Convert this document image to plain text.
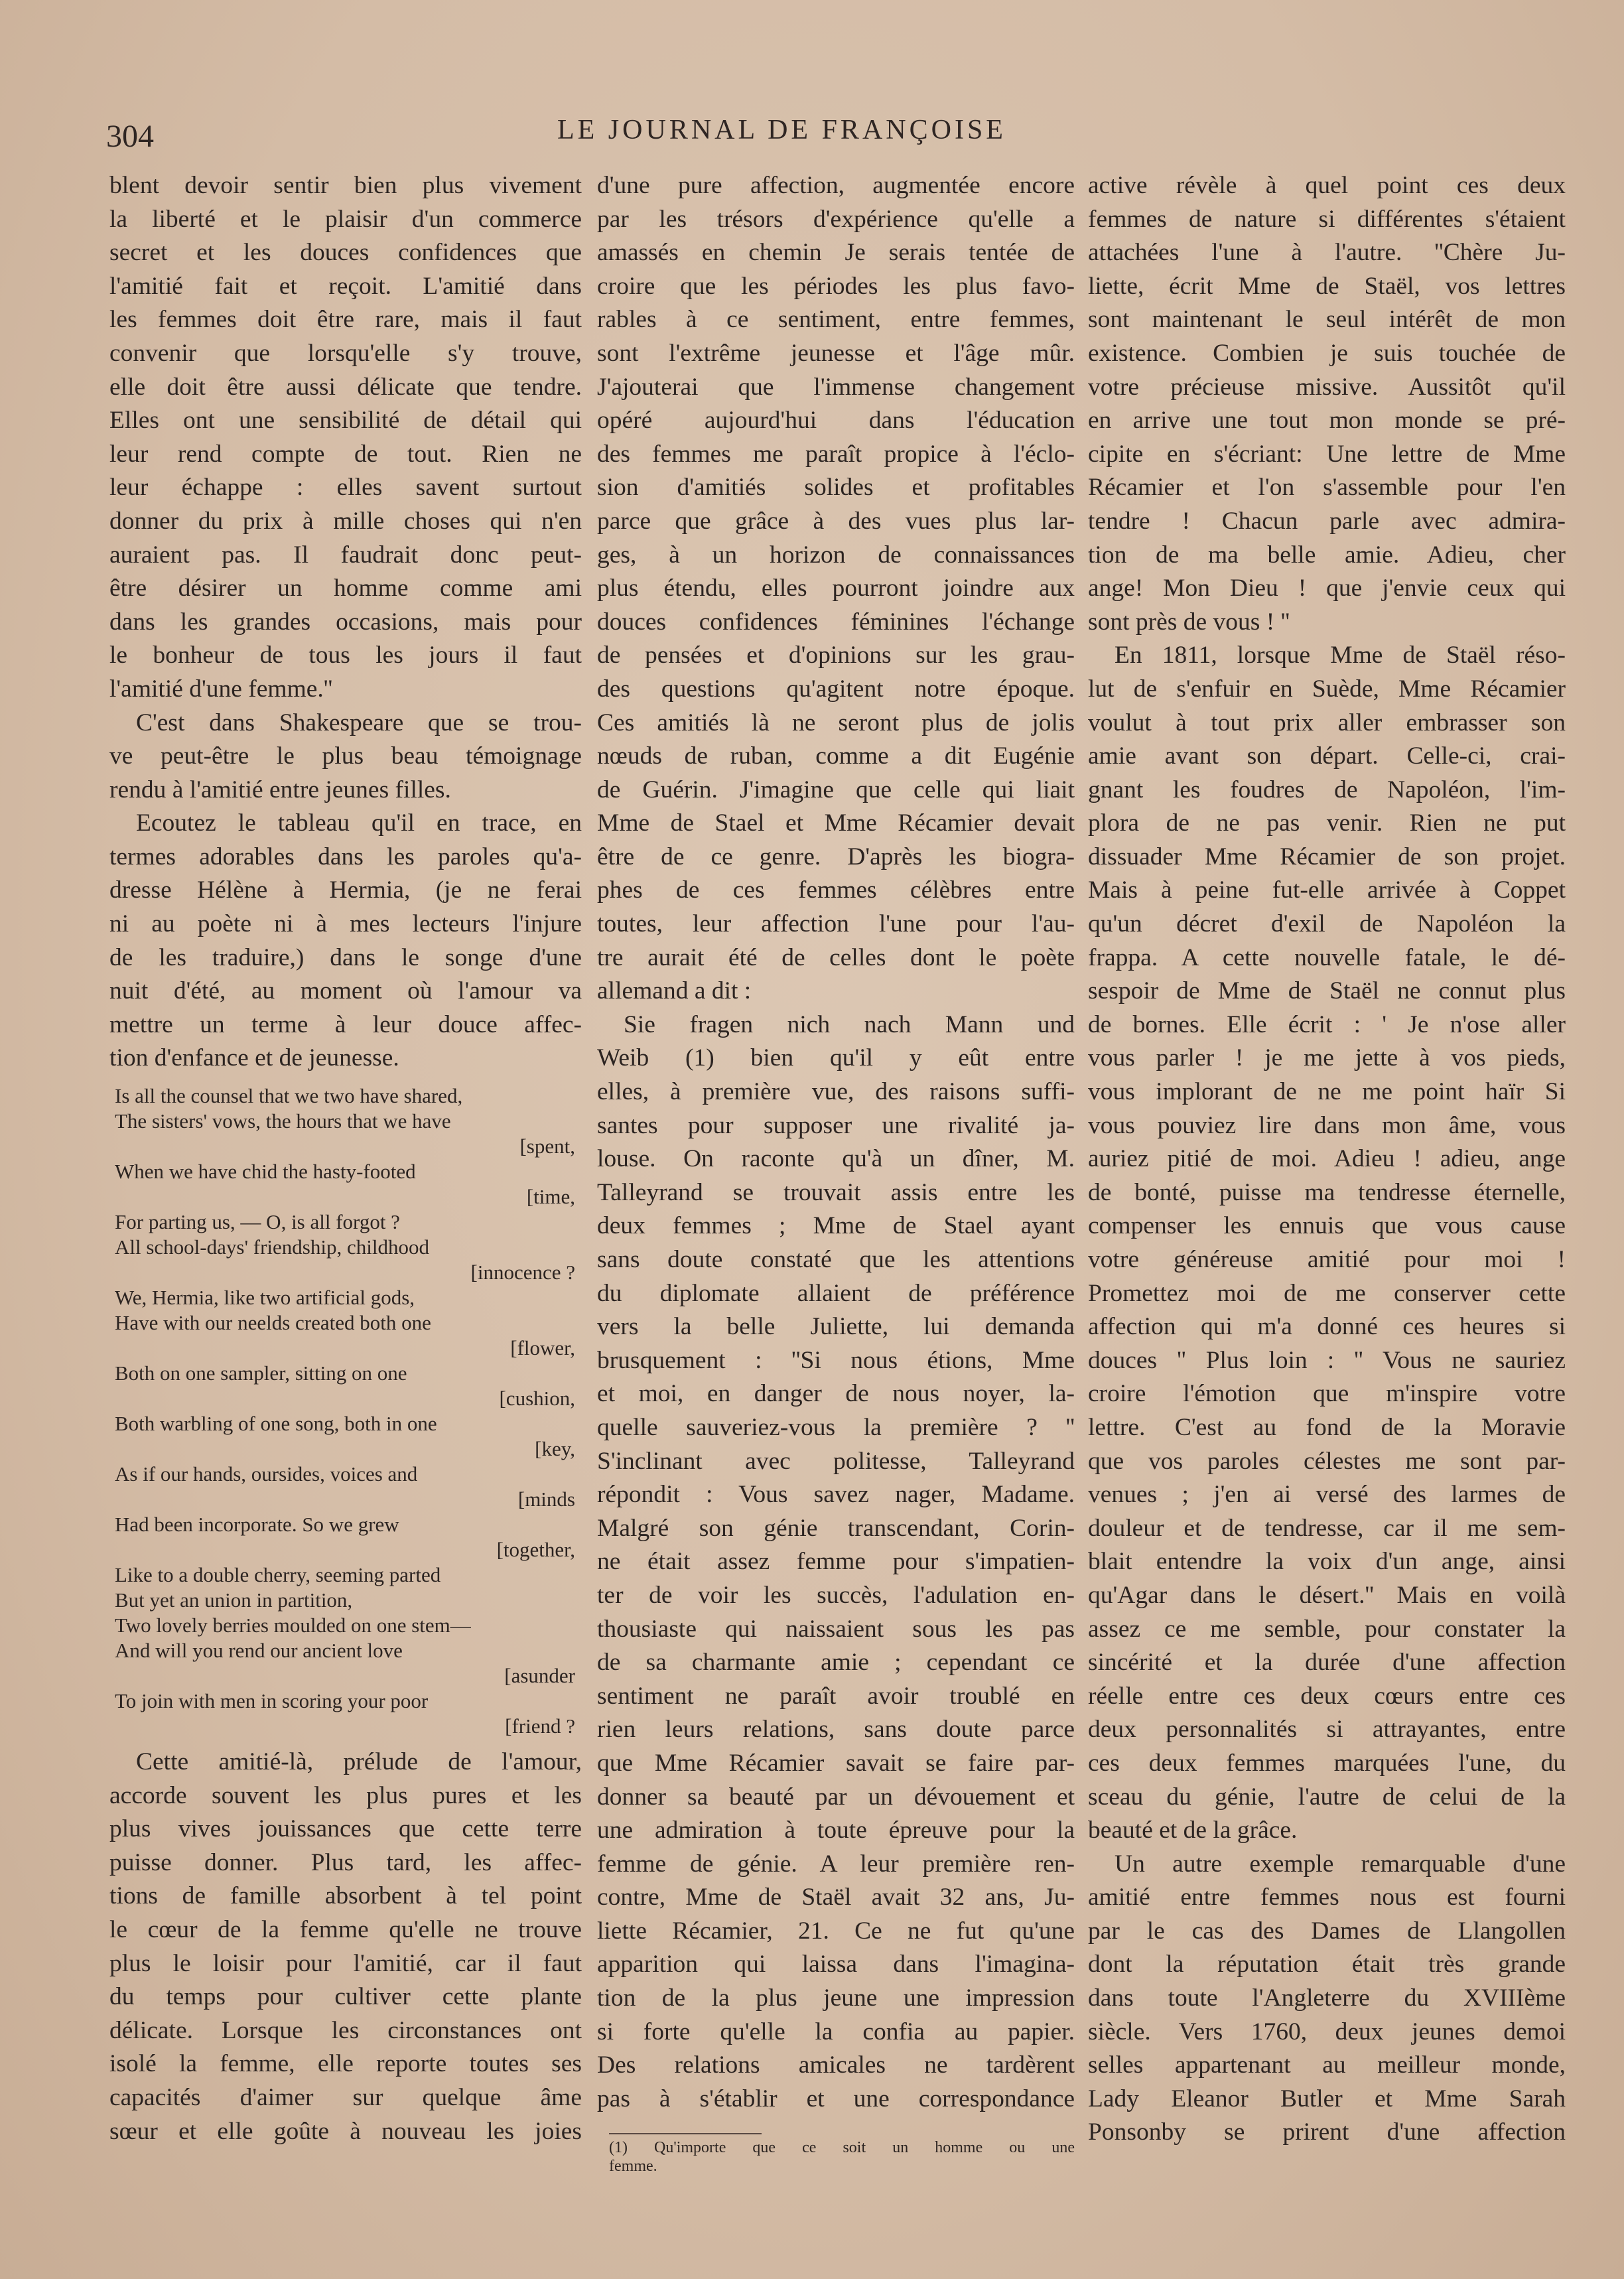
304	LE JOURNAL DE FRANÇOISE
blent devoir sentir bien plus vivement
la liberté et le plaisir d'un commerce
secret et les douces confidences que
l'amitié fait et reçoit. L'amitié dans
les femmes doit être rare, mais il faut
convenir que lorsqu'elle s'y trouve,
elle doit être aussi délicate que tendre.
Elles ont une sensibilité de détail qui
leur rend compte de tout. Rien ne
leur échappe : elles savent surtout
donner du prix à mille choses qui n'en
auraient pas. Il faudrait donc peut-
être désirer un homme comme ami
dans les grandes occasions, mais pour
le bonheur de tous les jours il faut
l'amitié d'une femme.''
C'est dans Shakespeare que se trou-
ve peut-être le plus beau témoignage
rendu à l'amitié entre jeunes filles.
Ecoutez le tableau qu'il en trace, en
termes adorables dans les paroles qu'a-
dresse Hélène à Hermia, (je ne ferai
ni au poète ni à mes lecteurs l'injure
de les traduire,) dans le songe d'une
nuit d'été, au moment où l'amour va
mettre un terme à leur douce affec-
tion d'enfance et de jeunesse.
Is all the counsel that we two have shared,
The sisters' vows, the hours that we have
[spent,
When we have chid the hasty-footed
[time,
For parting us, — O, is all forgot ?
All school-days' friendship, childhood
[innocence ?
We, Hermia, like two artificial gods,
Have with our neelds created both one
[flower,
Both on one sampler, sitting on one
[cushion,
Both warbling of one song, both in one
[key,
As if our hands, oursides, voices and
[minds
Had been incorporate. So we grew
[together,
Like to a double cherry, seeming parted
But yet an union in partition,
Two lovely berries moulded on one stem—
And will you rend our ancient love
[asunder
To join with men in scoring your poor
[friend ?
Cette amitié-là, prélude de l'amour,
accorde souvent les plus pures et les
plus vives jouissances que cette terre
puisse donner. Plus tard, les affec-
tions de famille absorbent à tel point
le cœur de la femme qu'elle ne trouve
plus le loisir pour l'amitié, car il faut
du temps pour cultiver cette plante
délicate. Lorsque les circonstances ont
isolé la femme, elle reporte toutes ses
capacités d'aimer sur quelque âme
sœur et elle goûte à nouveau les joies
d'une pure affection, augmentée encore
par les trésors d'expérience qu'elle a
amassés en chemin Je serais tentée de
croire que les périodes les plus favo-
rables à ce sentiment, entre femmes,
sont l'extrême jeunesse et l'âge mûr.
J'ajouterai que l'immense changement
opéré aujourd'hui dans l'éducation
des femmes me paraît propice à l'éclo-
sion d'amitiés solides et profitables
parce que grâce à des vues plus lar-
ges, à un horizon de connaissances
plus étendu, elles pourront joindre aux
douces confidences féminines l'échange
de pensées et d'opinions sur les grau-
des questions qu'agitent notre époque.
Ces amitiés là ne seront plus de jolis
nœuds de ruban, comme a dit Eugénie
de Guérin. J'imagine que celle qui liait
Mme de Stael et Mme Récamier devait
être de ce genre. D'après les biogra-
phes de ces femmes célèbres entre
toutes, leur affection l'une pour l'au-
tre aurait été de celles dont le poète
allemand a dit :
Sie fragen nich nach Mann und
Weib (1) bien qu'il y eût entre
elles, à première vue, des raisons suffi-
santes pour supposer une rivalité ja-
louse. On raconte qu'à un dîner, M.
Talleyrand se trouvait assis entre les
deux femmes ; Mme de Stael ayant
sans doute constaté que les attentions
du diplomate allaient de préférence
vers la belle Juliette, lui demanda
brusquement : ''Si nous étions, Mme
et moi, en danger de nous noyer, la-
quelle sauveriez-vous la première ? ''
S'inclinant avec politesse, Talleyrand
répondit : Vous savez nager, Madame.
Malgré son génie transcendant, Corin-
ne était assez femme pour s'impatien-
ter de voir les succès, l'adulation en-
thousiaste qui naissaient sous les pas
de sa charmante amie ; cependant ce
sentiment ne paraît avoir troublé en
rien leurs relations, sans doute parce
que Mme Récamier savait se faire par-
donner sa beauté par un dévouement et
une admiration à toute épreuve pour la
femme de génie. A leur première ren-
contre, Mme de Staël avait 32 ans, Ju-
liette Récamier, 21. Ce ne fut qu'une
apparition qui laissa dans l'imagina-
tion de la plus jeune une impression
si forte qu'elle la confia au papier.
Des relations amicales ne tardèrent
pas à s'établir et une correspondance
(1) Qu'importe que ce soit un homme ou une
femme.
active révèle à quel point ces deux
femmes de nature si différentes s'étaient
attachées l'une à l'autre. ''Chère Ju-
liette, écrit Mme de Staël, vos lettres
sont maintenant le seul intérêt de mon
existence. Combien je suis touchée de
votre précieuse missive. Aussitôt qu'il
en arrive une tout mon monde se pré-
cipite en s'écriant: Une lettre de Mme
Récamier et l'on s'assemble pour l'en
tendre ! Chacun parle avec admira-
tion de ma belle amie. Adieu, cher
ange! Mon Dieu ! que j'envie ceux qui
sont près de vous ! ''
En 1811, lorsque Mme de Staël réso-
lut de s'enfuir en Suède, Mme Récamier
voulut à tout prix aller embrasser son
amie avant son départ. Celle-ci, crai-
gnant les foudres de Napoléon, l'im-
plora de ne pas venir. Rien ne put
dissuader Mme Récamier de son projet.
Mais à peine fut-elle arrivée à Coppet
qu'un décret d'exil de Napoléon la
frappa. A cette nouvelle fatale, le dé-
sespoir de Mme de Staël ne connut plus
de bornes. Elle écrit : ' Je n'ose aller
vous parler ! je me jette à vos pieds,
vous implorant de ne me point haïr Si
vous pouviez lire dans mon âme, vous
auriez pitié de moi. Adieu ! adieu, ange
de bonté, puisse ma tendresse éternelle,
compenser les ennuis que vous cause
votre généreuse amitié pour moi !
Promettez moi de me conserver cette
affection qui m'a donné ces heures si
douces '' Plus loin : '' Vous ne sauriez
croire l'émotion que m'inspire votre
lettre. C'est au fond de la Moravie
que vos paroles célestes me sont par-
venues ; j'en ai versé des larmes de
douleur et de tendresse, car il me sem-
blait entendre la voix d'un ange, ainsi
qu'Agar dans le désert.'' Mais en voilà
assez ce me semble, pour constater la
sincérité et la durée d'une affection
réelle entre ces deux cœurs entre ces
deux personnalités si attrayantes, entre
ces deux femmes marquées l'une, du
sceau du génie, l'autre de celui de la
beauté et de la grâce.
Un autre exemple remarquable d'une
amitié entre femmes nous est fourni
par le cas des Dames de Llangollen
dont la réputation était très grande
dans toute l'Angleterre du XVIIIème
siècle. Vers 1760, deux jeunes demoi
selles appartenant au meilleur monde,
Lady Eleanor Butler et Mme Sarah
Ponsonby se prirent d'une affection
